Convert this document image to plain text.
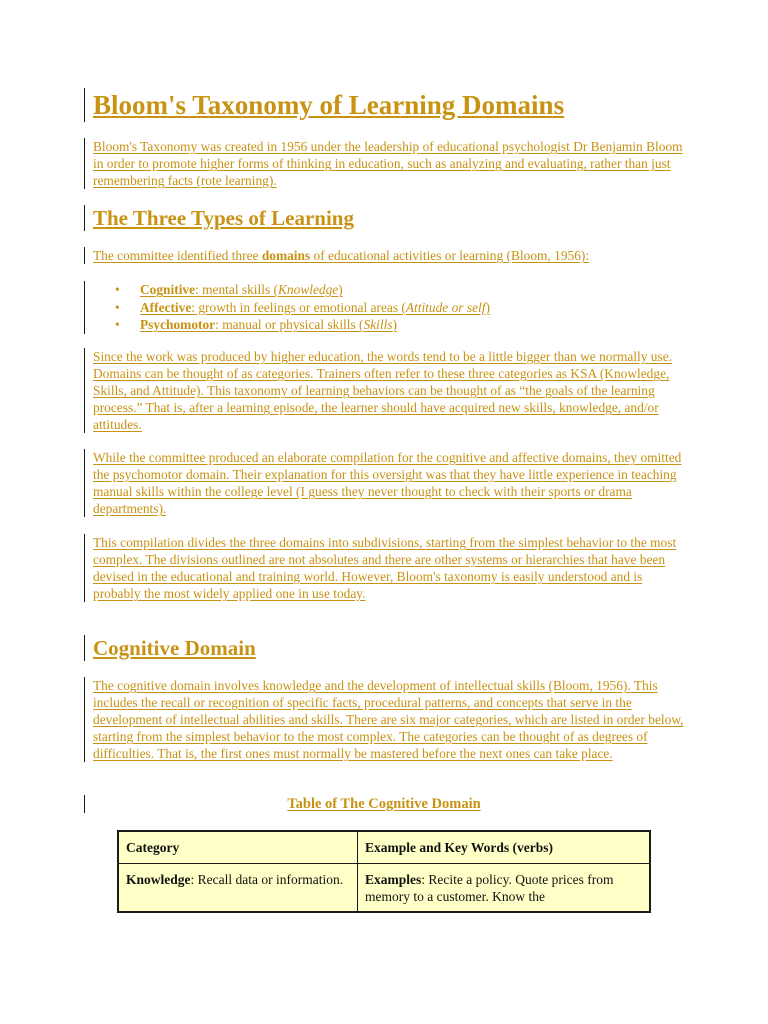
Bloom's Taxonomy of Learning Domains

Bloom's Taxonomy was created in 1956 under the leadership of educational psychologist Dr Benjamin Bloom in order to promote higher forms of thinking in education, such as analyzing and evaluating, rather than just remembering facts (rote learning).

The Three Types of Learning

The committee identified three domains of educational activities or learning (Bloom, 1956):

• Cognitive: mental skills (Knowledge)
• Affective: growth in feelings or emotional areas (Attitude or self)
• Psychomotor: manual or physical skills (Skills)

Since the work was produced by higher education, the words tend to be a little bigger than we normally use. Domains can be thought of as categories. Trainers often refer to these three categories as KSA (Knowledge, Skills, and Attitude). This taxonomy of learning behaviors can be thought of as “the goals of the learning process.” That is, after a learning episode, the learner should have acquired new skills, knowledge, and/or attitudes.

While the committee produced an elaborate compilation for the cognitive and affective domains, they omitted the psychomotor domain. Their explanation for this oversight was that they have little experience in teaching manual skills within the college level (I guess they never thought to check with their sports or drama departments).

This compilation divides the three domains into subdivisions, starting from the simplest behavior to the most complex. The divisions outlined are not absolutes and there are other systems or hierarchies that have been devised in the educational and training world. However, Bloom's taxonomy is easily understood and is probably the most widely applied one in use today.

Cognitive Domain

The cognitive domain involves knowledge and the development of intellectual skills (Bloom, 1956). This includes the recall or recognition of specific facts, procedural patterns, and concepts that serve in the development of intellectual abilities and skills. There are six major categories, which are listed in order below, starting from the simplest behavior to the most complex. The categories can be thought of as degrees of difficulties. That is, the first ones must normally be mastered before the next ones can take place.

Table of The Cognitive Domain
Category	Example and Key Words (verbs)
Knowledge: Recall data or information.	Examples: Recite a policy. Quote prices from memory to a customer. Know the
